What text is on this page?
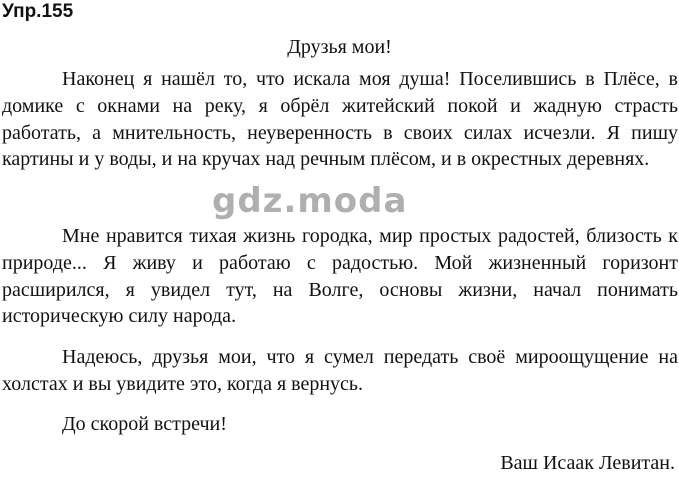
Упр.155
Друзья мои!

Наконец я нашёл то, что искала моя душа! Поселившись в Плёсе, в домике с окнами на реку, я обрёл житейский покой и жадную страсть работать, а мнительность, неуверенность в своих силах исчезли. Я пишу картины и у воды, и на кручах над речным плёсом, и в окрестных деревнях.

Мне нравится тихая жизнь городка, мир простых радостей, близость к природе... Я живу и работаю с радостью. Мой жизненный горизонт расширился, я увидел тут, на Волге, основы жизни, начал понимать историческую силу народа.

Надеюсь, друзья мои, что я сумел передать своё мироощущение на холстах и вы увидите это, когда я вернусь.

До скорой встречи!

Ваш Исаак Левитан.
gdz.moda
